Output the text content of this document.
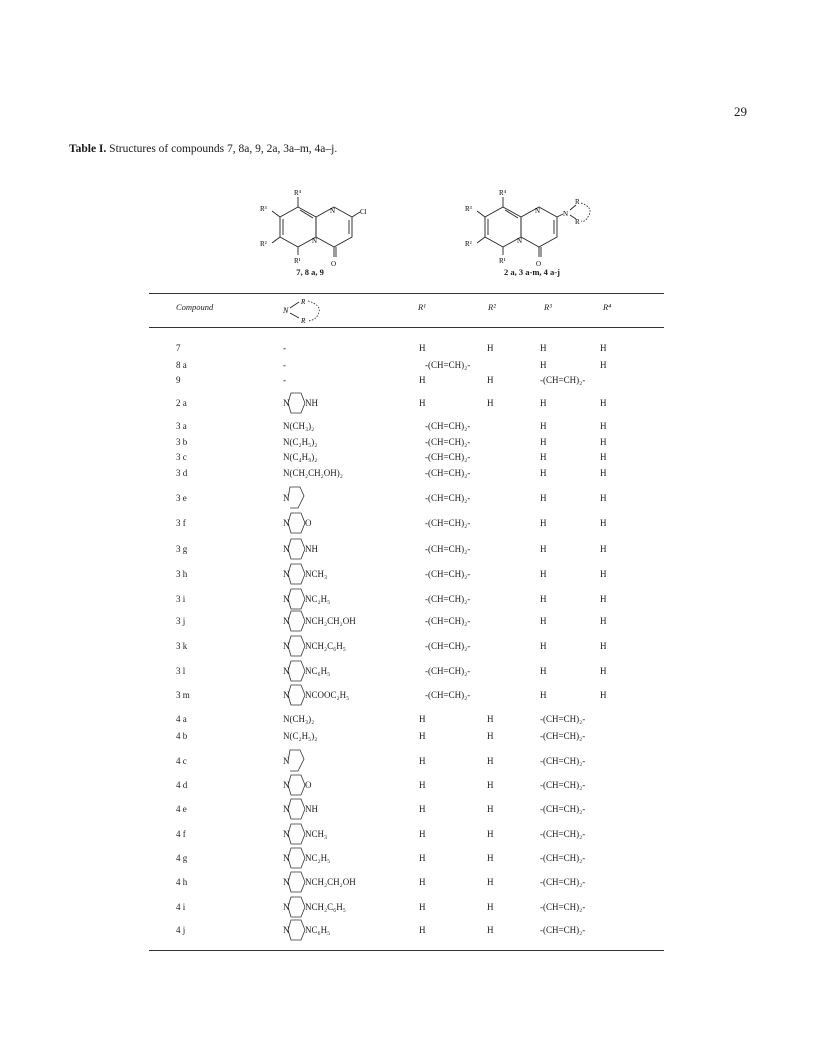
29
Table I. Structures of compounds 7, 8a, 9, 2a, 3a–m, 4a–j.
R⁴
R³
R²
R¹
N
N
Cl
O
7, 8 a, 9
R⁴
R³
R²
R¹
N
N
N
R
R
O
2 a, 3 a-m, 4 a-j
Compound	N
R
R
R¹	R²	R³	R⁴
7	-	H	H	H	H
8 a	-	-(CH=CH)₂-	H	H
9	-	H	H	-(CH=CH)₂-
2 a	N NH	H	H	H	H
3 a	N(CH₃)₂	-(CH=CH)₂-	H	H
3 b	N(C₂H₅)₂	-(CH=CH)₂-	H	H
3 c	N(C₄H₉)₂	-(CH=CH)₂-	H	H
3 d	N(CH₂CH₂OH)₂	-(CH=CH)₂-	H	H
3 e	N	-(CH=CH)₂-	H	H
3 f	N O	-(CH=CH)₂-	H	H
3 g	N NH	-(CH=CH)₂-	H	H
3 h	N NCH₃	-(CH=CH)₂-	H	H
3 i	N NC₂H₅	-(CH=CH)₂-	H	H
3 j	N NCH₂CH₂OH	-(CH=CH)₂-	H	H
3 k	N NCH₂C₆H₅	-(CH=CH)₂-	H	H
3 l	N NC₆H₅	-(CH=CH)₂-	H	H
3 m	N NCOOC₂H₅	-(CH=CH)₂-	H	H
4 a	N(CH₃)₂	H	H	-(CH=CH)₂-
4 b	N(C₂H₅)₂	H	H	-(CH=CH)₂-
4 c	N	H	H	-(CH=CH)₂-
4 d	N O	H	H	-(CH=CH)₂-
4 e	N NH	H	H	-(CH=CH)₂-
4 f	N NCH₃	H	H	-(CH=CH)₂-
4 g	N NC₂H₅	H	H	-(CH=CH)₂-
4 h	N NCH₂CH₂OH	H	H	-(CH=CH)₂-
4 i	N NCH₂C₆H₅	H	H	-(CH=CH)₂-
4 j	N NC₆H₅	H	H	-(CH=CH)₂-
